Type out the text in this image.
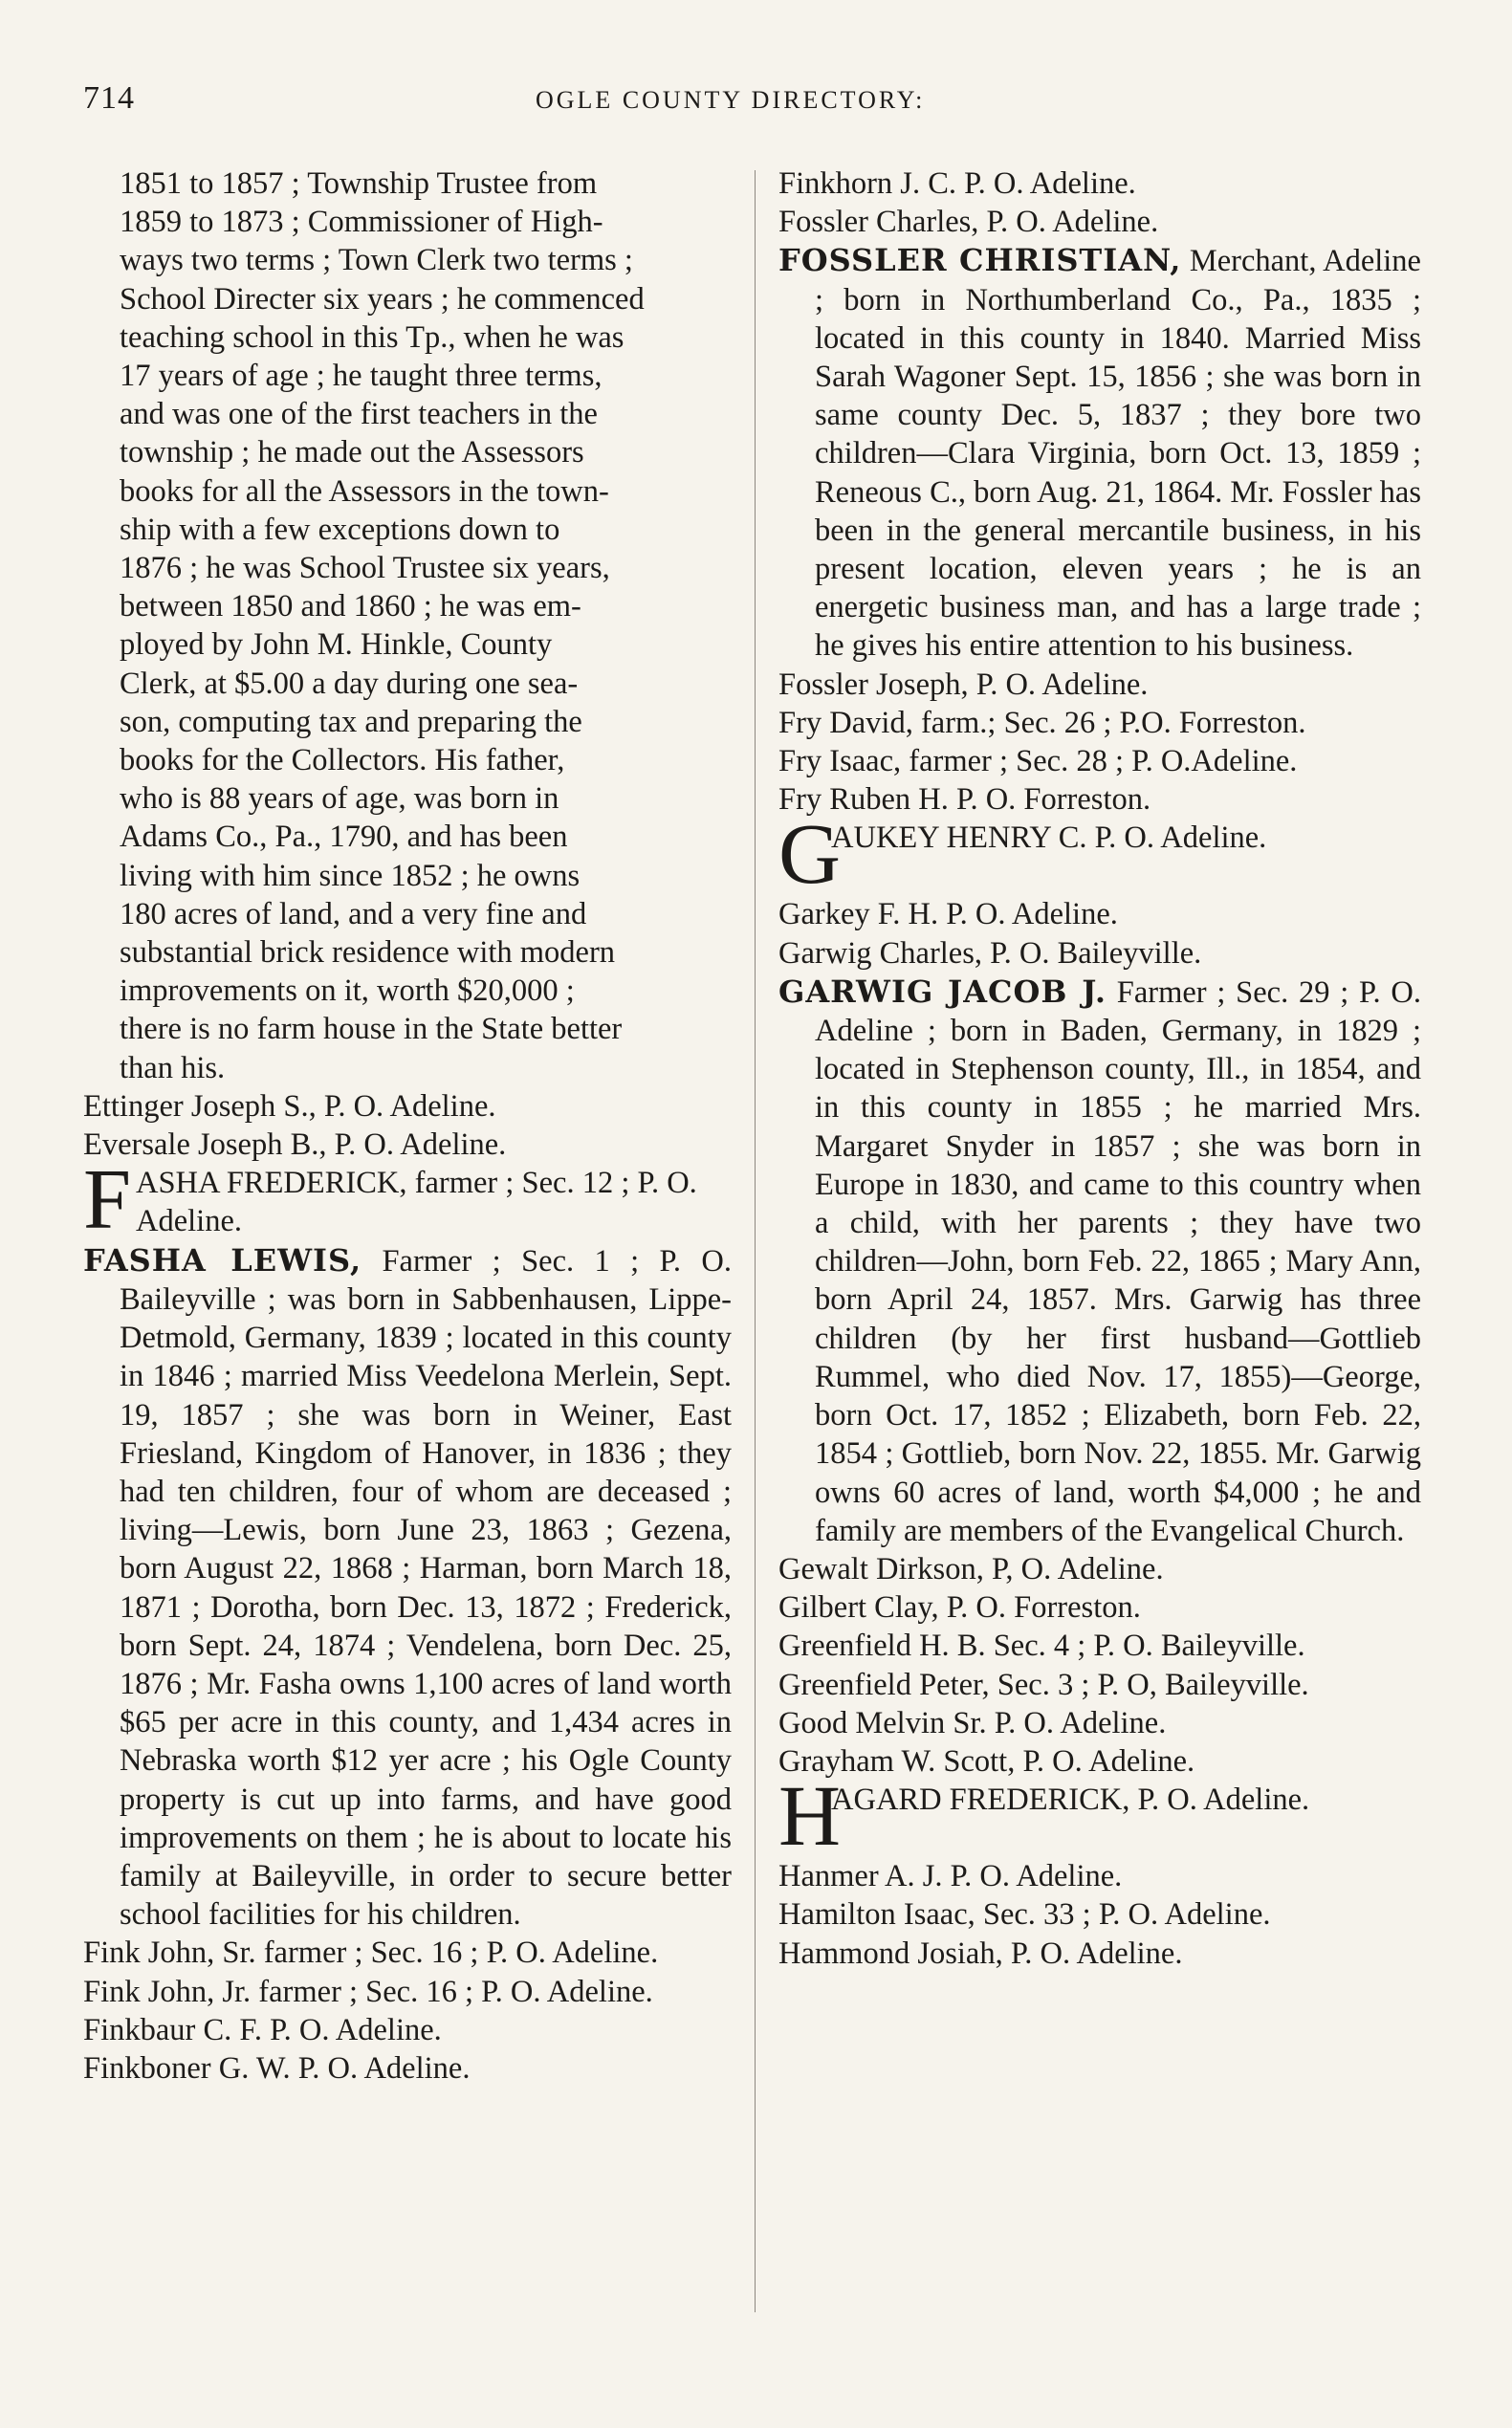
714	OGLE COUNTY DIRECTORY:
1851 to 1857 ; Township Trustee from
1859 to 1873 ; Commissioner of High-
ways two terms ; Town Clerk two terms ;
School Directer six years ; he commenced
teaching school in this Tp., when he was
17 years of age ; he taught three terms,
and was one of the first teachers in the
township ; he made out the Assessors
books for all the Assessors in the town-
ship with a few exceptions down to
1876 ; he was School Trustee six years,
between 1850 and 1860 ; he was em-
ployed by John M. Hinkle, County
Clerk, at $5.00 a day during one sea-
son, computing tax and preparing the
books for the Collectors. His father,
who is 88 years of age, was born in
Adams Co., Pa., 1790, and has been
living with him since 1852 ; he owns
180 acres of land, and a very fine and
substantial brick residence with modern
improvements on it, worth $20,000 ;
there is no farm house in the State better
than his.
Ettinger Joseph S., P. O. Adeline.
Eversale Joseph B., P. O. Adeline.
F ASHA FREDERICK, farmer ; Sec. 12 ; P. O. Adeline.
FASHA LEWIS, Farmer ; Sec. 1 ; P. O. Baileyville ; was born in Sabbenhausen, Lippe-Detmold, Germany, 1839 ; located in this county in 1846 ; married Miss Veedelona Merlein, Sept. 19, 1857 ; she was born in Weiner, East Friesland, Kingdom of Hanover, in 1836 ; they had ten children, four of whom are deceased ; living—Lewis, born June 23, 1863 ; Gezena, born August 22, 1868 ; Harman, born March 18, 1871 ; Dorotha, born Dec. 13, 1872 ; Frederick, born Sept. 24, 1874 ; Vendelena, born Dec. 25, 1876 ; Mr. Fasha owns 1,100 acres of land worth $65 per acre in this county, and 1,434 acres in Nebraska worth $12 yer acre ; his Ogle County property is cut up into farms, and have good improvements on them ; he is about to locate his family at Baileyville, in order to secure better school facilities for his children.
Fink John, Sr. farmer ; Sec. 16 ; P. O. Adeline.
Fink John, Jr. farmer ; Sec. 16 ; P. O. Adeline.
Finkbaur C. F. P. O. Adeline.
Finkboner G. W. P. O. Adeline.
Finkhorn J. C. P. O. Adeline.
Fossler Charles, P. O. Adeline.
FOSSLER CHRISTIAN, Merchant, Adeline ; born in Northumberland Co., Pa., 1835 ; located in this county in 1840. Married Miss Sarah Wagoner Sept. 15, 1856 ; she was born in same county Dec. 5, 1837 ; they bore two children—Clara Virginia, born Oct. 13, 1859 ; Reneous C., born Aug. 21, 1864. Mr. Fossler has been in the general mercantile business, in his present location, eleven years ; he is an energetic business man, and has a large trade ; he gives his entire attention to his business.
Fossler Joseph, P. O. Adeline.
Fry David, farm.; Sec. 26 ; P.O. Forreston.
Fry Isaac, farmer ; Sec. 28 ; P. O.Adeline.
Fry Ruben H. P. O. Forreston.
G
AUKEY HENRY C. P. O. Adeline.
Garkey F. H. P. O. Adeline.
Garwig Charles, P. O. Baileyville.
GARWIG JACOB J. Farmer ; Sec. 29 ; P. O. Adeline ; born in Baden, Germany, in 1829 ; located in Stephenson county, Ill., in 1854, and in this county in 1855 ; he married Mrs. Margaret Snyder in 1857 ; she was born in Europe in 1830, and came to this country when a child, with her parents ; they have two children—John, born Feb. 22, 1865 ; Mary Ann, born April 24, 1857. Mrs. Garwig has three children (by her first husband—Gottlieb Rummel, who died Nov. 17, 1855)—George, born Oct. 17, 1852 ; Elizabeth, born Feb. 22, 1854 ; Gottlieb, born Nov. 22, 1855. Mr. Garwig owns 60 acres of land, worth $4,000 ; he and family are members of the Evangelical Church.
Gewalt Dirkson, P, O. Adeline.
Gilbert Clay, P. O. Forreston.
Greenfield H. B. Sec. 4 ; P. O. Baileyville.
Greenfield Peter, Sec. 3 ; P. O, Baileyville.
Good Melvin Sr. P. O. Adeline.
Grayham W. Scott, P. O. Adeline.
H
AGARD FREDERICK, P. O. Adeline.
Hanmer A. J. P. O. Adeline.
Hamilton Isaac, Sec. 33 ; P. O. Adeline.
Hammond Josiah, P. O. Adeline.
